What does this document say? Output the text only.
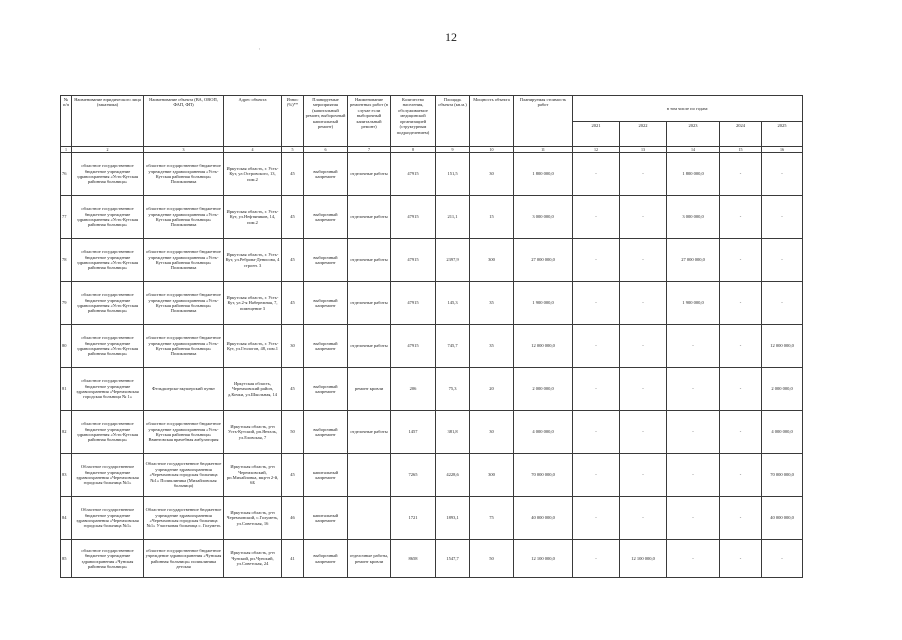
12
№ п/п	Наименование юридического лица (заказчика)	Наименование объекта (ВА, ОВОП, ФАП, ФП)	Адрес объекта	Износ (%)**	Планируемые мероприятия (капитальный ремонт, выборочный капитальный ремонт)	Наименование ремонтных работ (в случае если выборочный капитальный ремонт)	Количество населения, обслуживаемое медицинской организацией (структурным подразделением)	Площадь объекта (кв.м.)	Мощность объекта	Планируемая стоимость работ	в том числе по годам:				
											2021	2022	2023	2024	2025
1	2	3	4	5	6	7	8	9	10	11	12	13	14	15	16
76	областное государственное бюджетное учреждение здравоохранения «Усть-Кутская районная больница»	областное государственное бюджетное учреждение здравоохранения «Усть-Кутская районная больница» Поликлиника	Иркутская область, г. Усть-Кут, ул.Островского, 13, пом.2	45	выборочный капремонт	отделочные работы	47915	151,5	30	1 800 000,0	-	-	1 800 000,0	-	-
77	областное государственное бюджетное учреждение здравоохранения «Усть-Кутская районная больница»	областное государственное бюджетное учреждение здравоохранения «Усть-Кутская районная больница» Поликлиника	Иркутская область, г. Усть-Кут, ул.Нефтяников, 14, пом.2	45	выборочный капремонт	отделочные работы	47915	211,1	15	3 000 000,0	-	-	3 000 000,0	-	-
78	областное государственное бюджетное учреждение здравоохранения «Усть-Кутская районная больница»	областное государственное бюджетное учреждение здравоохранения «Усть-Кутская районная больница» Поликлиника	Иркутская область, г. Усть-Кут, ул.Реброва-Денисова, 4 строен. 3	45	выборочный капремонт	отделочные работы	47915	2397,9	300	27 000 000,0	-	-	27 000 000,0	-	-
79	областное государственное бюджетное учреждение здравоохранения «Усть-Кутская районная больница»	областное государственное бюджетное учреждение здравоохранения «Усть-Кутская районная больница» Поликлиника	Иркутская область, г. Усть-Кут, ул.2-я Набережная, 7, помещение 3	45	выборочный капремонт	отделочные работы	47915	145,3	35	1 900 000,0	-	-	1 900 000,0	-	-
80	областное государственное бюджетное учреждение здравоохранения «Усть-Кутская районная больница»	областное государственное бюджетное учреждение здравоохранения «Усть-Кутская районная больница» Поликлиника	Иркутская область, г. Усть-Кут, ул.Геологов, 48, пом.1	30	выборочный капремонт	отделочные работы	47915	745,7	35	12 000 000,0	-	-	-	-	12 000 000,0
81	областное государственное бюджетное учреждение здравоохранения «Черемховская городская больница № 1»	Фельдшерско-акушерский пункт	Иркутская область, Черемховский район, д.Кочки, ул.Школьная, 14	45	выборочный капремонт	ремонт кровли	206	75,3	20	2 000 000,0	-	-	-	-	2 000 000,0
82	областное государственное бюджетное учреждение здравоохранения «Усть-Кутская районная больница»	областное государственное бюджетное учреждение здравоохранения «Усть-Кутская районная больница» Ввинтовская врачебная амбулатория	Иркутская область, р-н Усть-Кутский, рп.Янталь, ул.Еловская, 7	50	выборочный капремонт	отделочные работы	1457	381,8	30	4 000 000,0	-	-	-	-	4 000 000,0
83	Областное государственное бюджетное учреждение здравоохранения «Черемховская городская больница №1»	Областное государственное бюджетное учреждение здравоохранения «Черемховская городская больница №1» Поликлиника (Михайловская больница)	Иркутская область, р-н Черемховский, рп.Михайловка, мкр-н 2-й, 6Б	45	капитальный капремонт		7265	4228,6	300	70 000 000,0	-	-	-	-	70 000 000,0
84	Областное государственное бюджетное учреждение здравоохранения «Черемховская городская больница №1»	Областное государственное бюджетное учреждение здравоохранения «Черемховская городская больница №1» Участковая больница с. Голуметь	Иркутская область, р-н Черемховский, с.Голуметь, ул.Советская, 16	46	капитальный капремонт		1721	1893,1	75	40 000 000,0	-	-	-	-	40 000 000,0
85	областное государственное бюджетное учреждение здравоохранения «Чунская районная больница»	областное государственное бюджетное учреждение здравоохранения «Чунская районная больница» поликлиника детская	Иркутская область, р-н Чунский, рп.Чунский, ул.Советская, 24	41	выборочный капремонт	отделочные работы, ремонт кровли	8658	1547,7	50	12 100 000,0	-	12 100 000,0	-	-	-
·
